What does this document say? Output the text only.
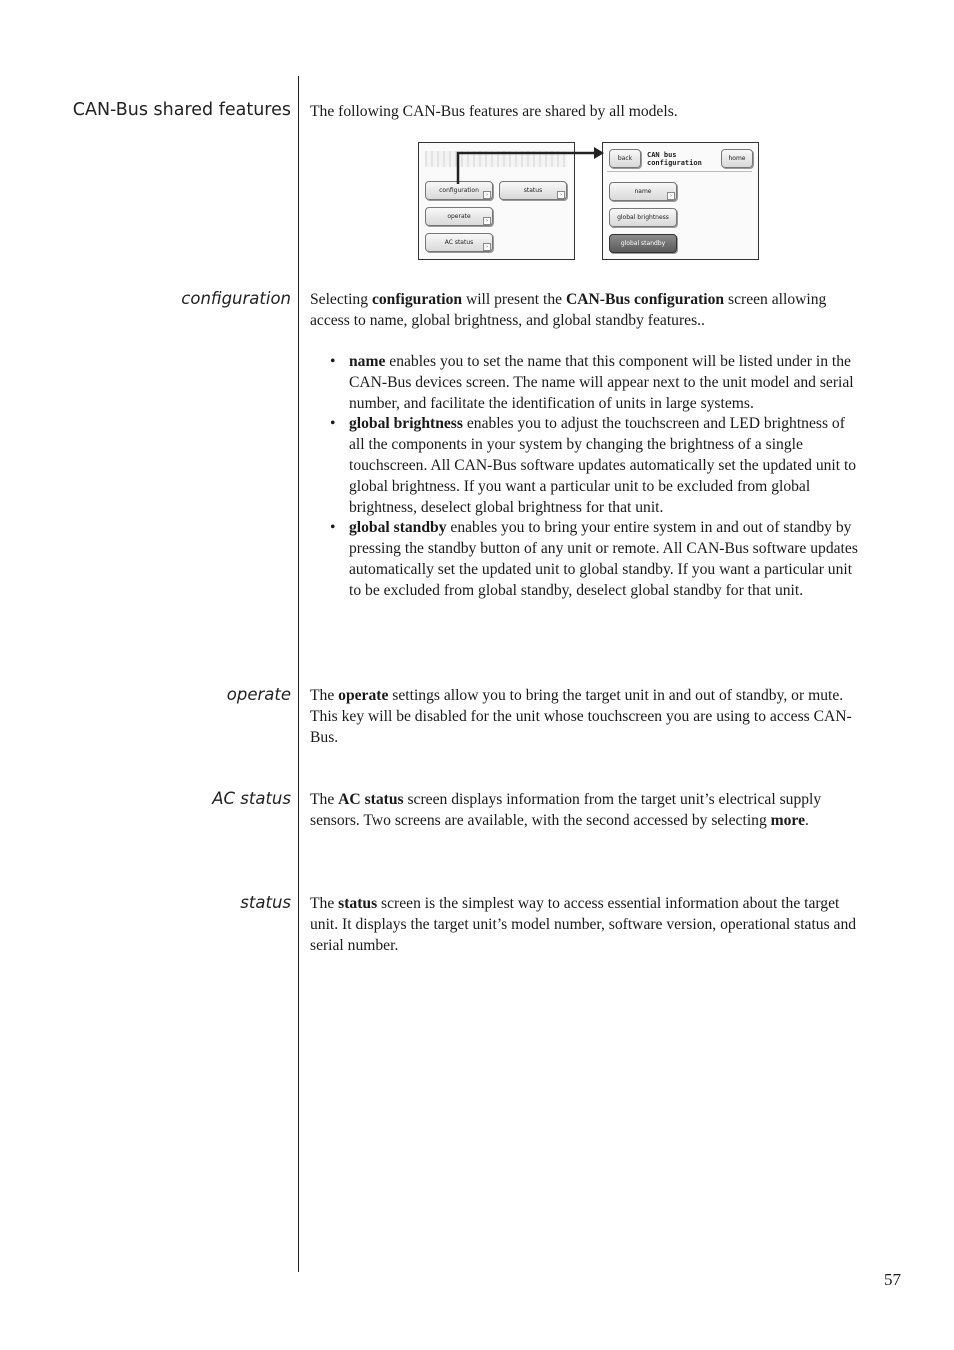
CAN-Bus shared features
configuration
operate
AC status
status

The following CAN-Bus features are shared by all models.

configuration
›
status
›
operate
›
AC status
›
back	CAN bus
configuration
home
name
›
global brightness
global standby

Selecting configuration will present the CAN-Bus configuration screen allowing access to name, global brightness, and global standby features..

• name enables you to set the name that this component will be listed under in the CAN-Bus devices screen. The name will appear next to the unit model and serial number, and facilitate the identification of units in large systems.
• global brightness enables you to adjust the touchscreen and LED brightness of all the components in your system by changing the brightness of a single touchscreen. All CAN-Bus software updates automatically set the updated unit to global brightness. If you want a particular unit to be excluded from global brightness, deselect global brightness for that unit.
• global standby enables you to bring your entire system in and out of standby by pressing the standby button of any unit or remote. All CAN-Bus software updates automatically set the updated unit to global standby. If you want a particular unit to be excluded from global standby, deselect global standby for that unit.

The operate settings allow you to bring the target unit in and out of standby, or mute. This key will be disabled for the unit whose touchscreen you are using to access CAN-Bus.

The AC status screen displays information from the target unit’s electrical supply sensors. Two screens are available, with the second accessed by selecting more.

The status screen is the simplest way to access essential information about the target unit. It displays the target unit’s model number, software version, operational status and serial number.

57
